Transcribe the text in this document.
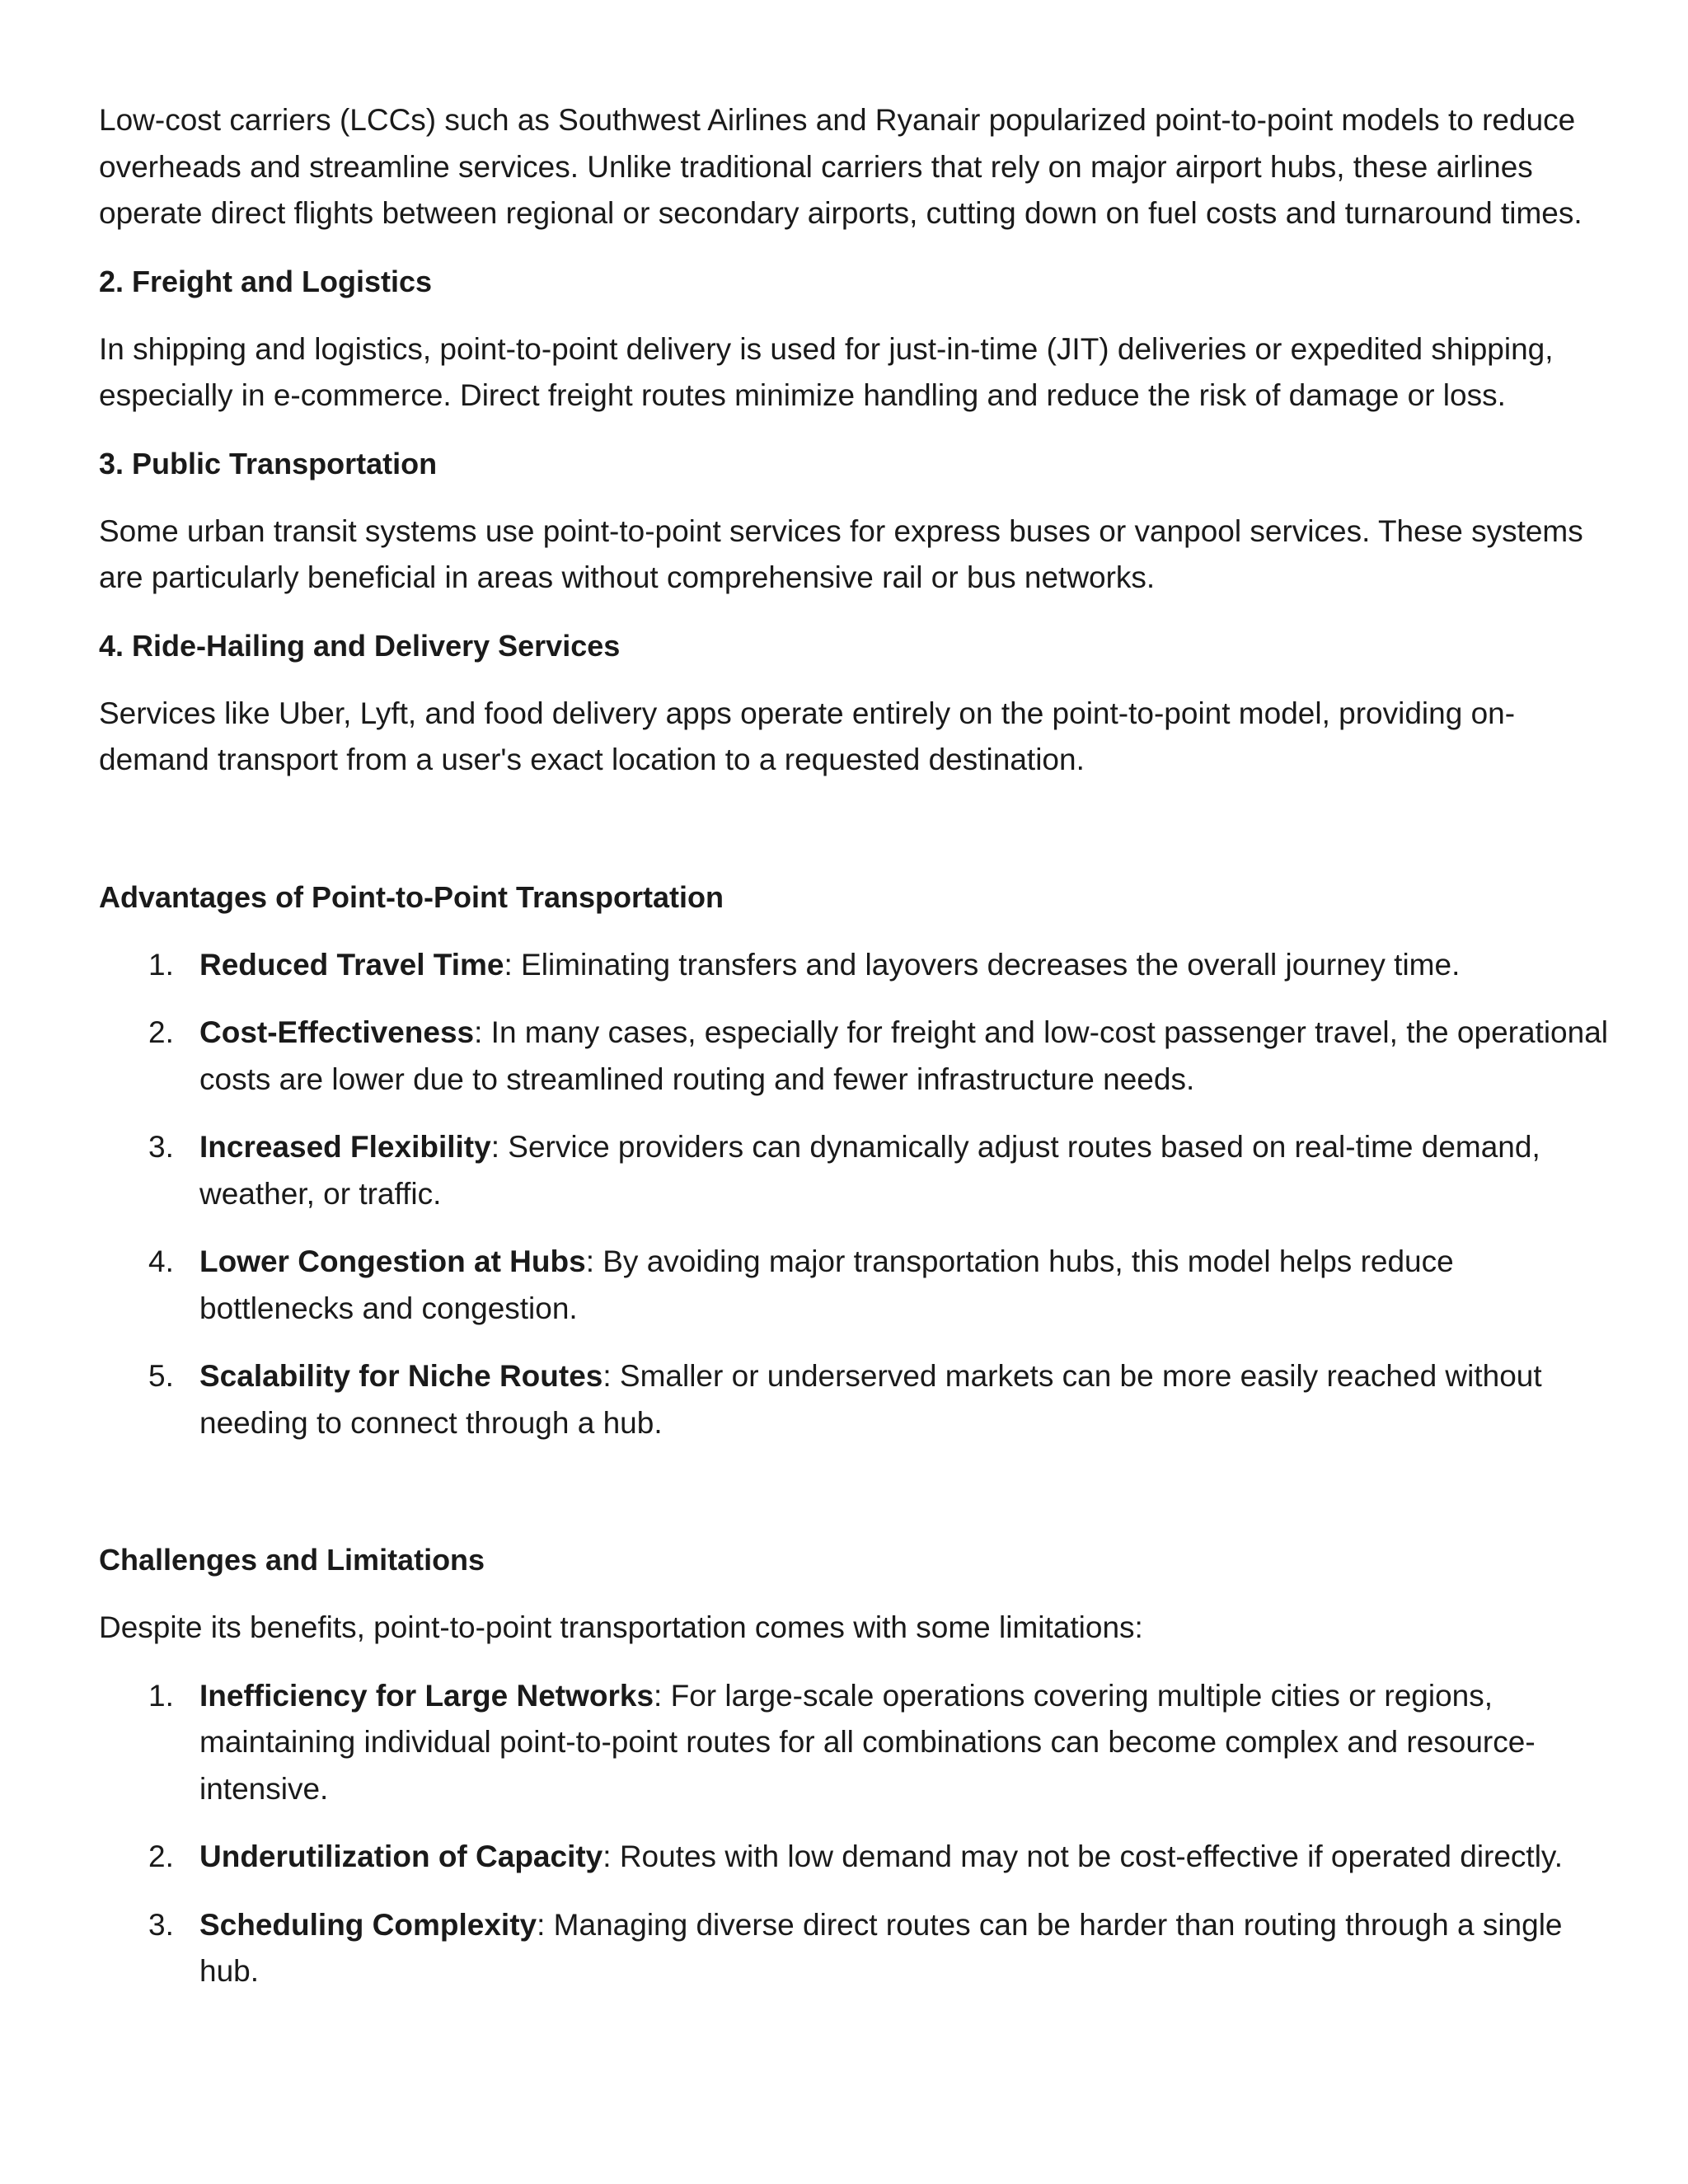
Low-cost carriers (LCCs) such as Southwest Airlines and Ryanair popularized point-to-point models to reduce overheads and streamline services. Unlike traditional carriers that rely on major airport hubs, these airlines operate direct flights between regional or secondary airports, cutting down on fuel costs and turnaround times.

2. Freight and Logistics

In shipping and logistics, point-to-point delivery is used for just-in-time (JIT) deliveries or expedited shipping, especially in e-commerce. Direct freight routes minimize handling and reduce the risk of damage or loss.

3. Public Transportation

Some urban transit systems use point-to-point services for express buses or vanpool services. These systems are particularly beneficial in areas without comprehensive rail or bus networks.

4. Ride-Hailing and Delivery Services

Services like Uber, Lyft, and food delivery apps operate entirely on the point-to-point model, providing on-demand transport from a user's exact location to a requested destination.

Advantages of Point-to-Point Transportation
1. Reduced Travel Time: Eliminating transfers and layovers decreases the overall journey time.
2. Cost-Effectiveness: In many cases, especially for freight and low-cost passenger travel, the operational costs are lower due to streamlined routing and fewer infrastructure needs.
3. Increased Flexibility: Service providers can dynamically adjust routes based on real-time demand, weather, or traffic.
4. Lower Congestion at Hubs: By avoiding major transportation hubs, this model helps reduce bottlenecks and congestion.
5. Scalability for Niche Routes: Smaller or underserved markets can be more easily reached without needing to connect through a hub.
Challenges and Limitations

Despite its benefits, point-to-point transportation comes with some limitations:

1. Inefficiency for Large Networks: For large-scale operations covering multiple cities or regions, maintaining individual point-to-point routes for all combinations can become complex and resource-intensive.
2. Underutilization of Capacity: Routes with low demand may not be cost-effective if operated directly.
3. Scheduling Complexity: Managing diverse direct routes can be harder than routing through a single hub.
